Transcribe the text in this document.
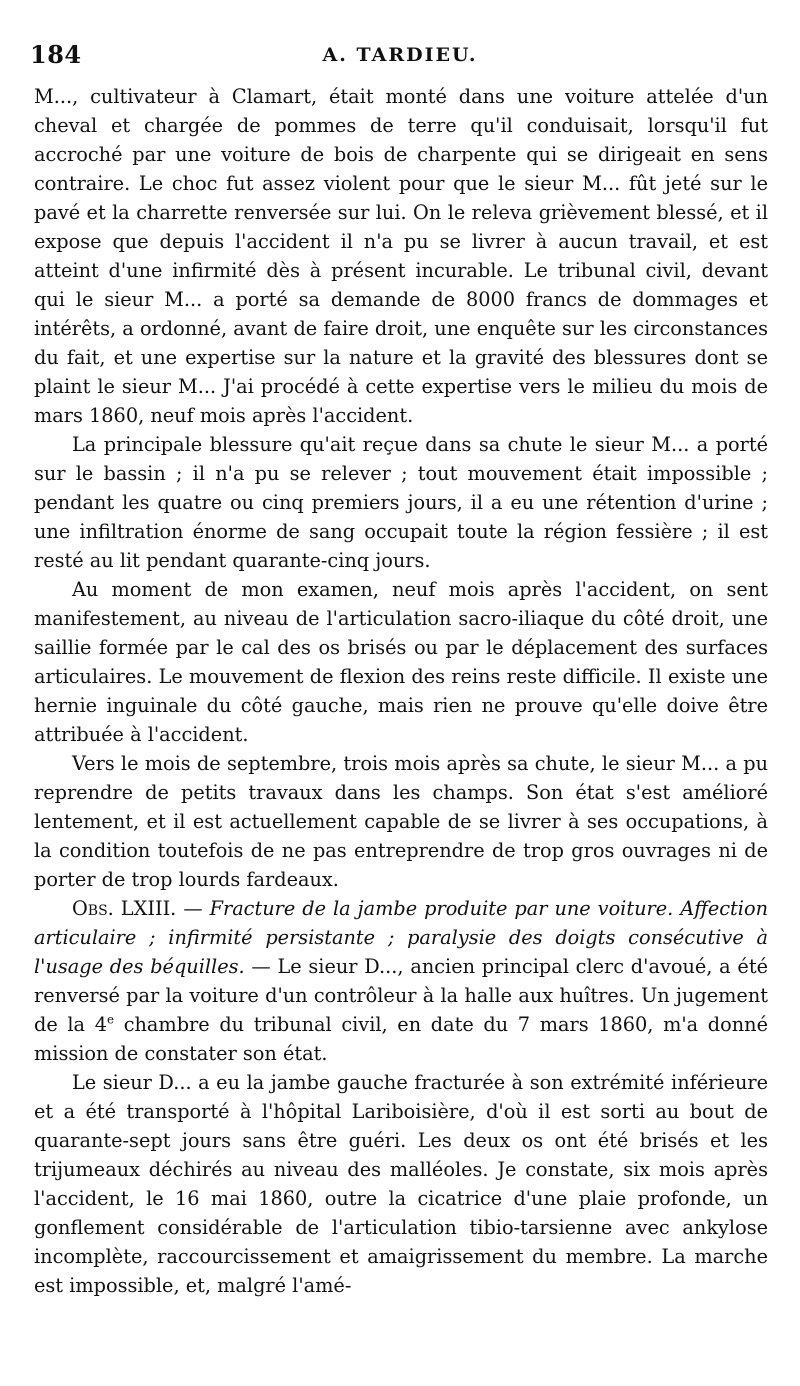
184	A. TARDIEU.

M..., cultivateur à Clamart, était monté dans une voiture attelée d'un cheval et chargée de pommes de terre qu'il conduisait, lorsqu'il fut accroché par une voiture de bois de charpente qui se dirigeait en sens contraire. Le choc fut assez violent pour que le sieur M... fût jeté sur le pavé et la charrette renversée sur lui. On le releva grièvement blessé, et il expose que depuis l'accident il n'a pu se livrer à aucun travail, et est atteint d'une infirmité dès à présent incurable. Le tribunal civil, devant qui le sieur M... a porté sa demande de 8000 francs de dommages et intérêts, a ordonné, avant de faire droit, une enquête sur les circonstances du fait, et une expertise sur la nature et la gravité des blessures dont se plaint le sieur M... J'ai procédé à cette expertise vers le milieu du mois de mars 1860, neuf mois après l'accident.

La principale blessure qu'ait reçue dans sa chute le sieur M... a porté sur le bassin ; il n'a pu se relever ; tout mouvement était impossible ; pendant les quatre ou cinq premiers jours, il a eu une rétention d'urine ; une infiltration énorme de sang occupait toute la région fessière ; il est resté au lit pendant quarante-cinq jours.

Au moment de mon examen, neuf mois après l'accident, on sent manifestement, au niveau de l'articulation sacro-iliaque du côté droit, une saillie formée par le cal des os brisés ou par le déplacement des surfaces articulaires. Le mouvement de flexion des reins reste difficile. Il existe une hernie inguinale du côté gauche, mais rien ne prouve qu'elle doive être attribuée à l'accident.

Vers le mois de septembre, trois mois après sa chute, le sieur M... a pu reprendre de petits travaux dans les champs. Son état s'est amélioré lentement, et il est actuellement capable de se livrer à ses occupations, à la condition toutefois de ne pas entreprendre de trop gros ouvrages ni de porter de trop lourds fardeaux.

Obs. LXIII. — Fracture de la jambe produite par une voiture. Affection articulaire ; infirmité persistante ; paralysie des doigts consécutive à l'usage des béquilles. — Le sieur D..., ancien principal clerc d'avoué, a été renversé par la voiture d'un contrôleur à la halle aux huîtres. Un jugement de la 4e chambre du tribunal civil, en date du 7 mars 1860, m'a donné mission de constater son état.

Le sieur D... a eu la jambe gauche fracturée à son extrémité inférieure et a été transporté à l'hôpital Lariboisière, d'où il est sorti au bout de quarante-sept jours sans être guéri. Les deux os ont été brisés et les trijumeaux déchirés au niveau des malléoles. Je constate, six mois après l'accident, le 16 mai 1860, outre la cicatrice d'une plaie profonde, un gonflement considérable de l'articulation tibio-tarsienne avec ankylose incomplète, raccourcissement et amaigrissement du membre. La marche est impossible, et, malgré l'amé-
